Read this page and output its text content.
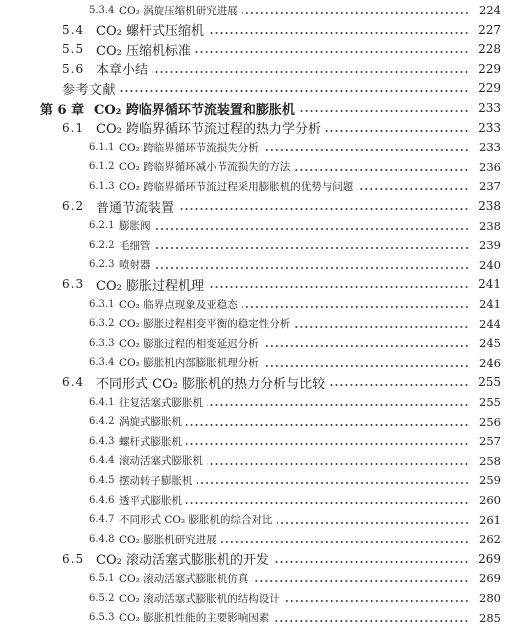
5.3.4 CO₂ 涡旋压缩机研究进展	224
5.4 CO₂ 螺杆式压缩机	227
5.5 CO₂ 压缩机标准	228
5.6 本章小结	229
参考文献	229
第 6 章 CO₂ 跨临界循环节流装置和膨胀机	233
6.1 CO₂ 跨临界循环节流过程的热力学分析	233
6.1.1 CO₂ 跨临界循环节流损失分析	233
6.1.2 CO₂ 跨临界循环减小节流损失的方法	236
6.1.3 CO₂ 跨临界循环节流过程采用膨胀机的优势与问题	237
6.2 普通节流装置	238
6.2.1 膨胀阀	238
6.2.2 毛细管	239
6.2.3 喷射器	240
6.3 CO₂ 膨胀过程机理	241
6.3.1 CO₂ 临界点现象及亚稳态	241
6.3.2 CO₂ 膨胀过程相变平衡的稳定性分析	244
6.3.3 CO₂ 膨胀过程的相变延迟分析	245
6.3.4 CO₂ 膨胀机内部膨胀机理分析	246
6.4 不同形式 CO₂ 膨胀机的热力分析与比较	255
6.4.1 往复活塞式膨胀机	255
6.4.2 涡旋式膨胀机	256
6.4.3 螺杆式膨胀机	257
6.4.4 滚动活塞式膨胀机	258
6.4.5 摆动转子膨胀机	259
6.4.6 透平式膨胀机	260
6.4.7 不同形式 CO₂ 膨胀机的综合对比	261
6.4.8 CO₂ 膨胀机研究进展	262
6.5 CO₂ 滚动活塞式膨胀机的开发	269
6.5.1 CO₂ 滚动活塞式膨胀机仿真	269
6.5.2 CO₂ 滚动活塞式膨胀机的结构设计	280
6.5.3 CO₂ 膨胀机性能的主要影响因素	285
